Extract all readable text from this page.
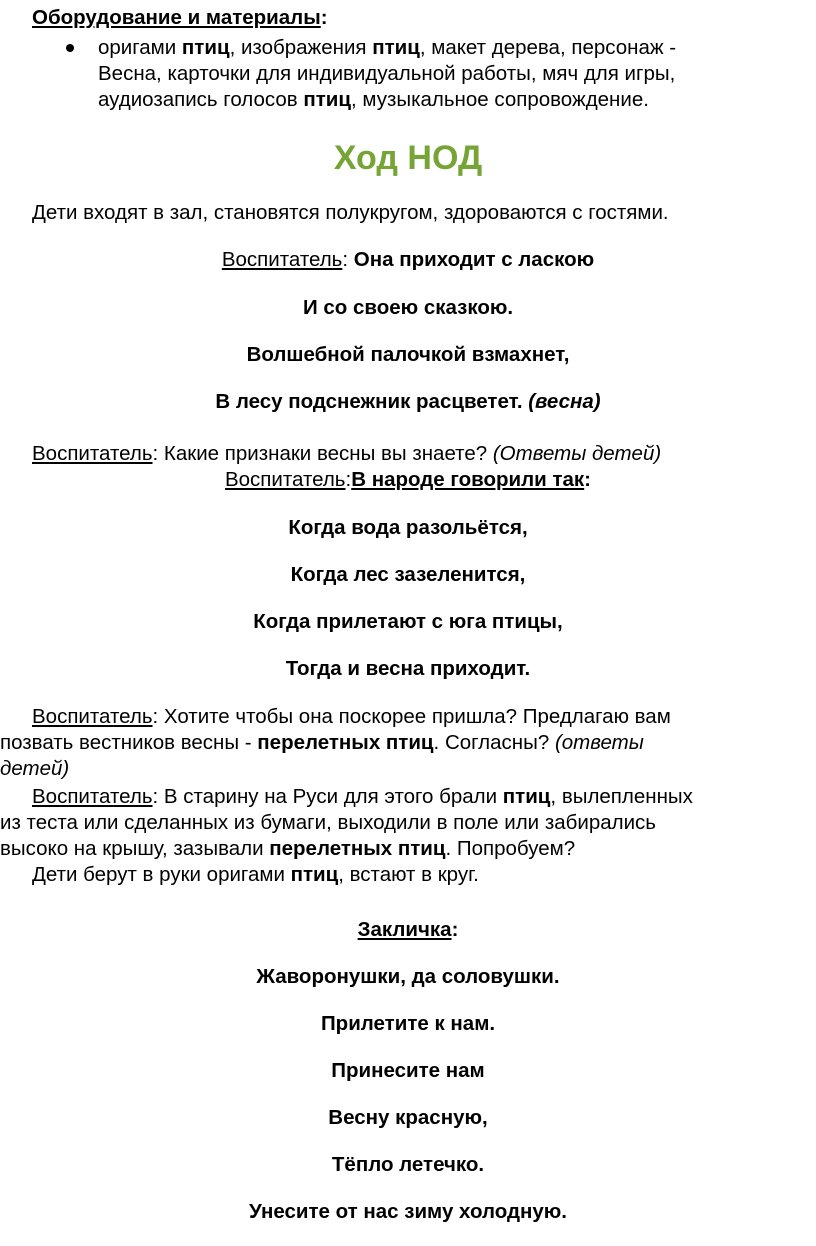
Оборудование и материалы:
оригами птиц, изображения птиц, макет дерева, персонаж -
Весна, карточки для индивидуальной работы, мяч для игры,
аудиозапись голосов птиц, музыкальное сопровождение.
Ход НОД
Дети входят в зал, становятся полукругом, здороваются с гостями.
Воспитатель: Она приходит с ласкою
И со своею сказкою.
Волшебной палочкой взмахнет,
В лесу подснежник расцветет. (весна)
Воспитатель: Какие признаки весны вы знаете? (Ответы детей)
Воспитатель:В народе говорили так:
Когда вода разольётся,
Когда лес зазеленится,
Когда прилетают с юга птицы,
Тогда и весна приходит.
Воспитатель: Хотите чтобы она поскорее пришла? Предлагаю вам
позвать вестников весны - перелетных птиц. Согласны? (ответы
детей)
Воспитатель: В старину на Руси для этого брали птиц, вылепленных
из теста или сделанных из бумаги, выходили в поле или забирались
высоко на крышу, зазывали перелетных птиц. Попробуем?
Дети берут в руки оригами птиц, встают в круг.
Закличка:
Жаворонушки, да соловушки.
Прилетите к нам.
Принесите нам
Весну красную,
Тёпло летечко.
Унесите от нас зиму холодную.
